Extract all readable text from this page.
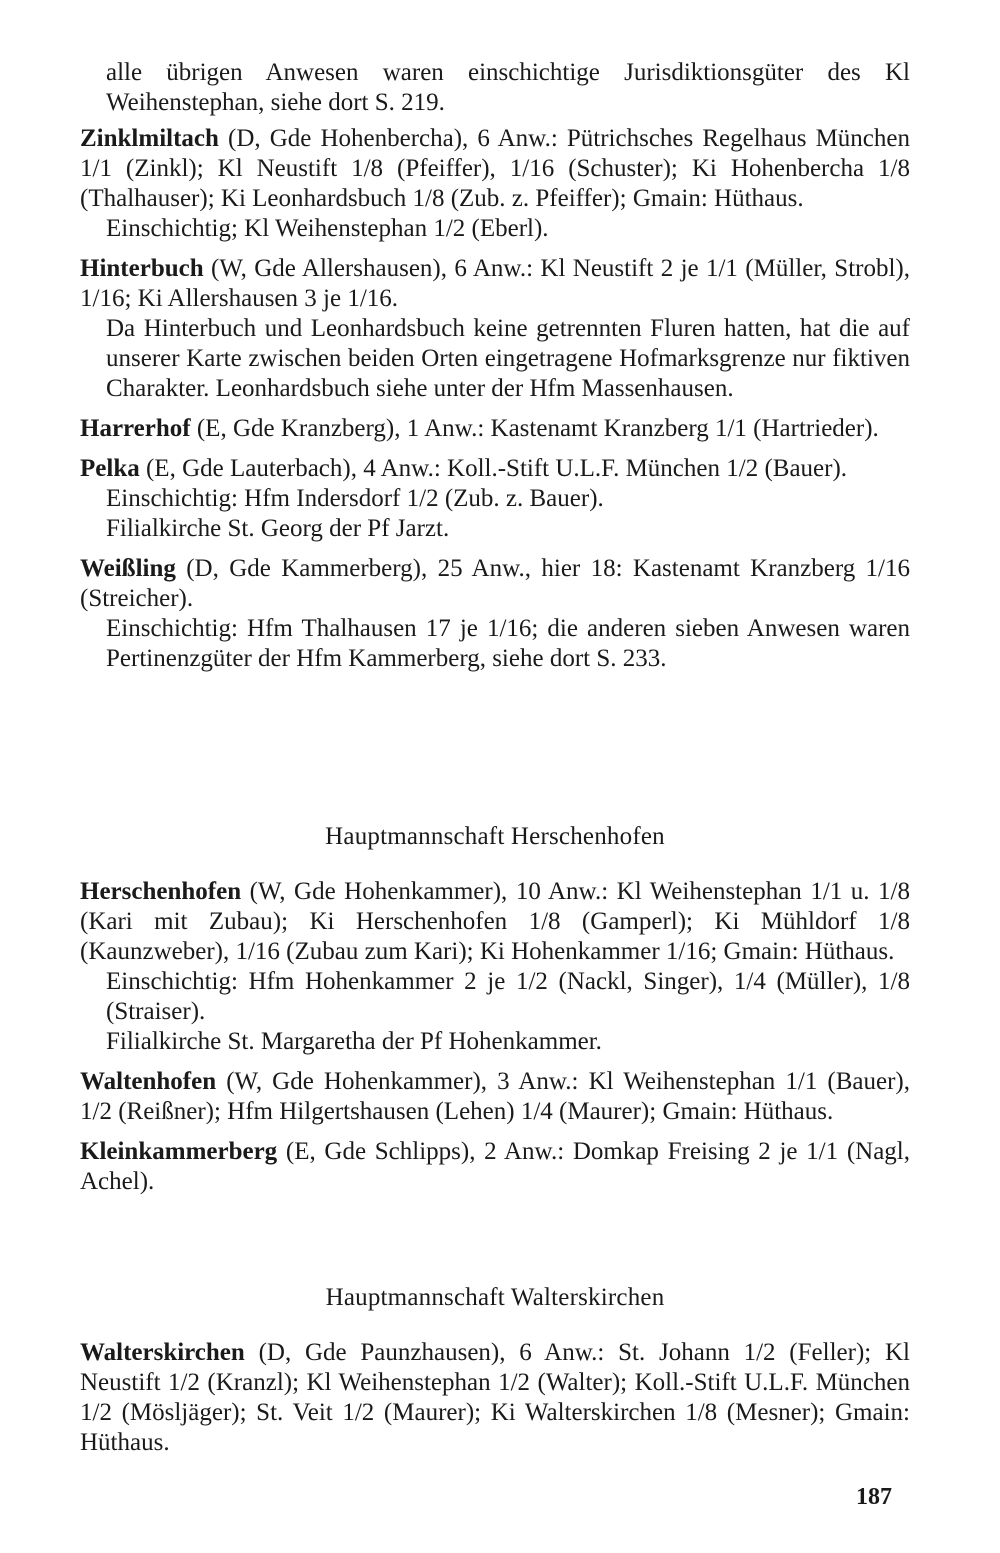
alle übrigen Anwesen waren einschichtige Jurisdiktionsgüter des Kl Weihenstephan, siehe dort S. 219.

Zinklmiltach (D, Gde Hohenbercha), 6 Anw.: Pütrichsches Regelhaus München 1/1 (Zinkl); Kl Neustift 1/8 (Pfeiffer), 1/16 (Schuster); Ki Hohenbercha 1/8 (Thalhauser); Ki Leonhardsbuch 1/8 (Zub. z. Pfeiffer); Gmain: Hüthaus.

Einschichtig; Kl Weihenstephan 1/2 (Eberl).

Hinterbuch (W, Gde Allershausen), 6 Anw.: Kl Neustift 2 je 1/1 (Müller, Strobl), 1/16; Ki Allershausen 3 je 1/16.

Da Hinterbuch und Leonhardsbuch keine getrennten Fluren hatten, hat die auf unserer Karte zwischen beiden Orten eingetragene Hofmarksgrenze nur fiktiven Charakter. Leonhardsbuch siehe unter der Hfm Massenhausen.

Harrerhof (E, Gde Kranzberg), 1 Anw.: Kastenamt Kranzberg 1/1 (Hartrieder).

Pelka (E, Gde Lauterbach), 4 Anw.: Koll.-Stift U.L.F. München 1/2 (Bauer).

Einschichtig: Hfm Indersdorf 1/2 (Zub. z. Bauer).

Filialkirche St. Georg der Pf Jarzt.

Weißling (D, Gde Kammerberg), 25 Anw., hier 18: Kastenamt Kranzberg 1/16 (Streicher).

Einschichtig: Hfm Thalhausen 17 je 1/16; die anderen sieben Anwesen waren Pertinenzgüter der Hfm Kammerberg, siehe dort S. 233.

Hauptmannschaft Herschenhofen

Herschenhofen (W, Gde Hohenkammer), 10 Anw.: Kl Weihenstephan 1/1 u. 1/8 (Kari mit Zubau); Ki Herschenhofen 1/8 (Gamperl); Ki Mühldorf 1/8 (Kaunzweber), 1/16 (Zubau zum Kari); Ki Hohenkammer 1/16; Gmain: Hüthaus.

Einschichtig: Hfm Hohenkammer 2 je 1/2 (Nackl, Singer), 1/4 (Müller), 1/8 (Straiser).

Filialkirche St. Margaretha der Pf Hohenkammer.

Waltenhofen (W, Gde Hohenkammer), 3 Anw.: Kl Weihenstephan 1/1 (Bauer), 1/2 (Reißner); Hfm Hilgertshausen (Lehen) 1/4 (Maurer); Gmain: Hüthaus.

Kleinkammerberg (E, Gde Schlipps), 2 Anw.: Domkap Freising 2 je 1/1 (Nagl, Achel).

Hauptmannschaft Walterskirchen

Walterskirchen (D, Gde Paunzhausen), 6 Anw.: St. Johann 1/2 (Feller); Kl Neustift 1/2 (Kranzl); Kl Weihenstephan 1/2 (Walter); Koll.-Stift U.L.F. München 1/2 (Mösljäger); St. Veit 1/2 (Maurer); Ki Walterskirchen 1/8 (Mesner); Gmain: Hüthaus.

187
